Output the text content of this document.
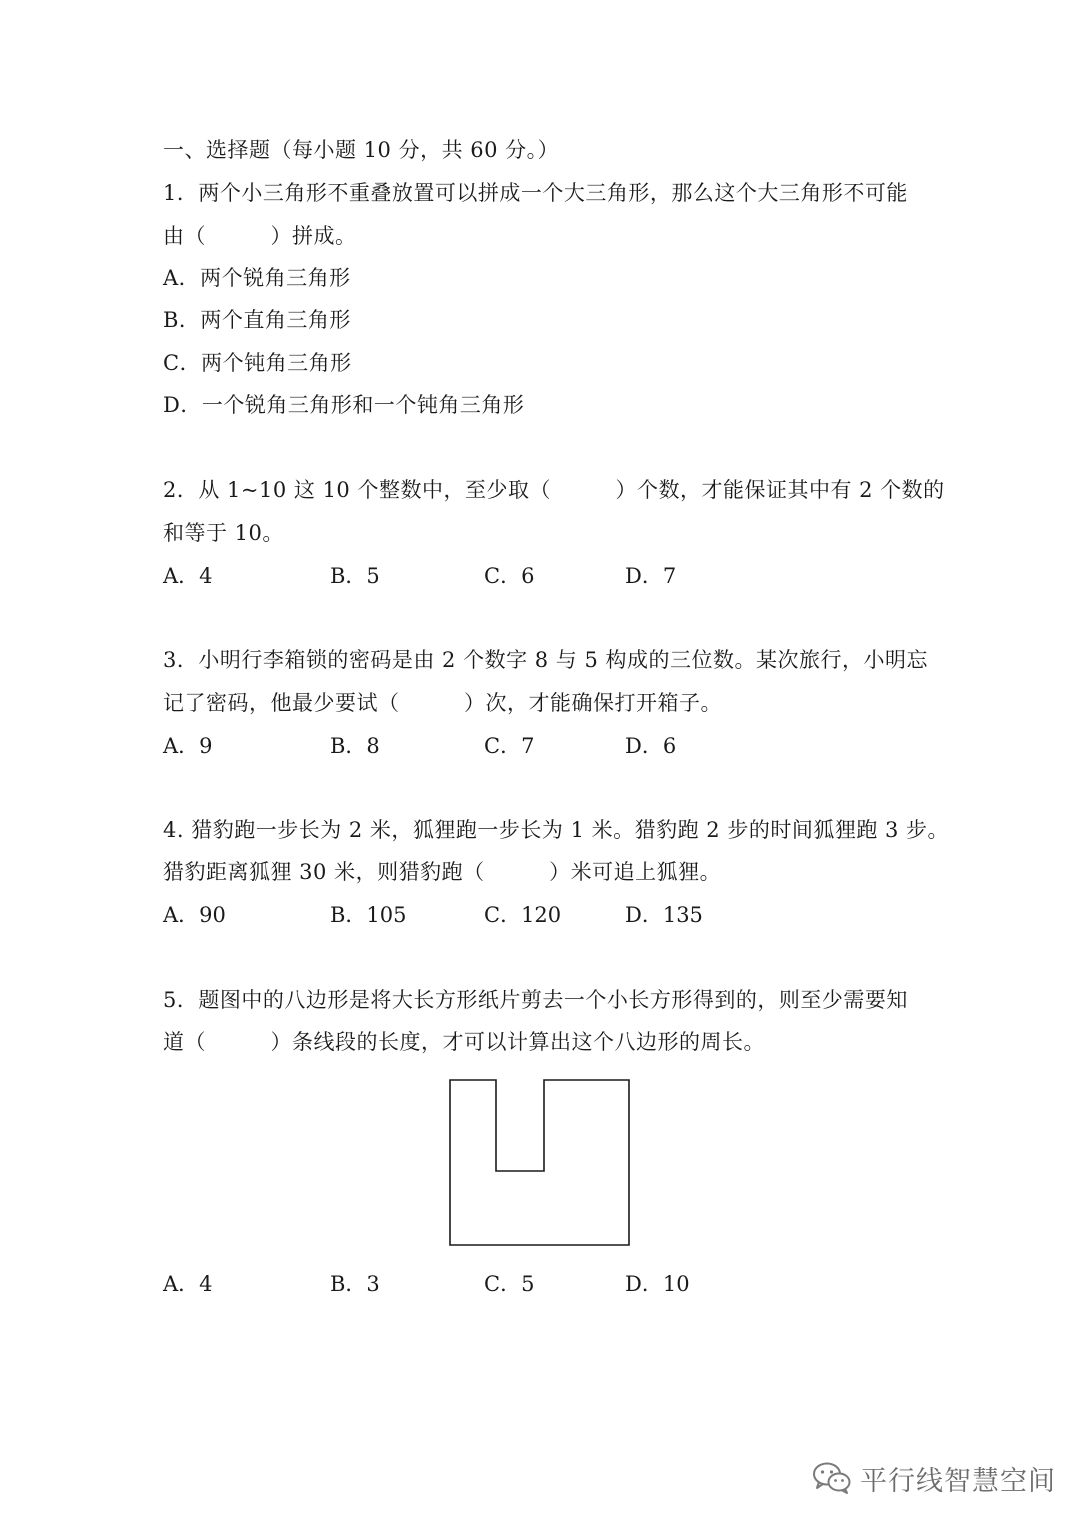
一、选择题（每小题 10 分，共 60 分。）
1．两个小三角形不重叠放置可以拼成一个大三角形，那么这个大三角形不可能
由（　　　）拼成。
A．两个锐角三角形
B．两个直角三角形
C．两个钝角三角形
D．一个锐角三角形和一个钝角三角形
2．从 1~10 这 10 个整数中，至少取（　　　）个数，才能保证其中有 2 个数的
和等于 10。
A．4	B．5	C．6	D．7
3．小明行李箱锁的密码是由 2 个数字 8 与 5 构成的三位数。某次旅行，小明忘
记了密码，他最少要试（　　　）次，才能确保打开箱子。
A．9	B．8	C．7	D．6
4. 猎豹跑一步长为 2 米，狐狸跑一步长为 1 米。猎豹跑 2 步的时间狐狸跑 3 步。
猎豹距离狐狸 30 米，则猎豹跑（　　　）米可追上狐狸。
A．90	B．105	C．120	D．135
5．题图中的八边形是将大长方形纸片剪去一个小长方形得到的，则至少需要知
道（　　　）条线段的长度，才可以计算出这个八边形的周长。
A．4	B．3	C．5	D．10
平行线智慧空间
